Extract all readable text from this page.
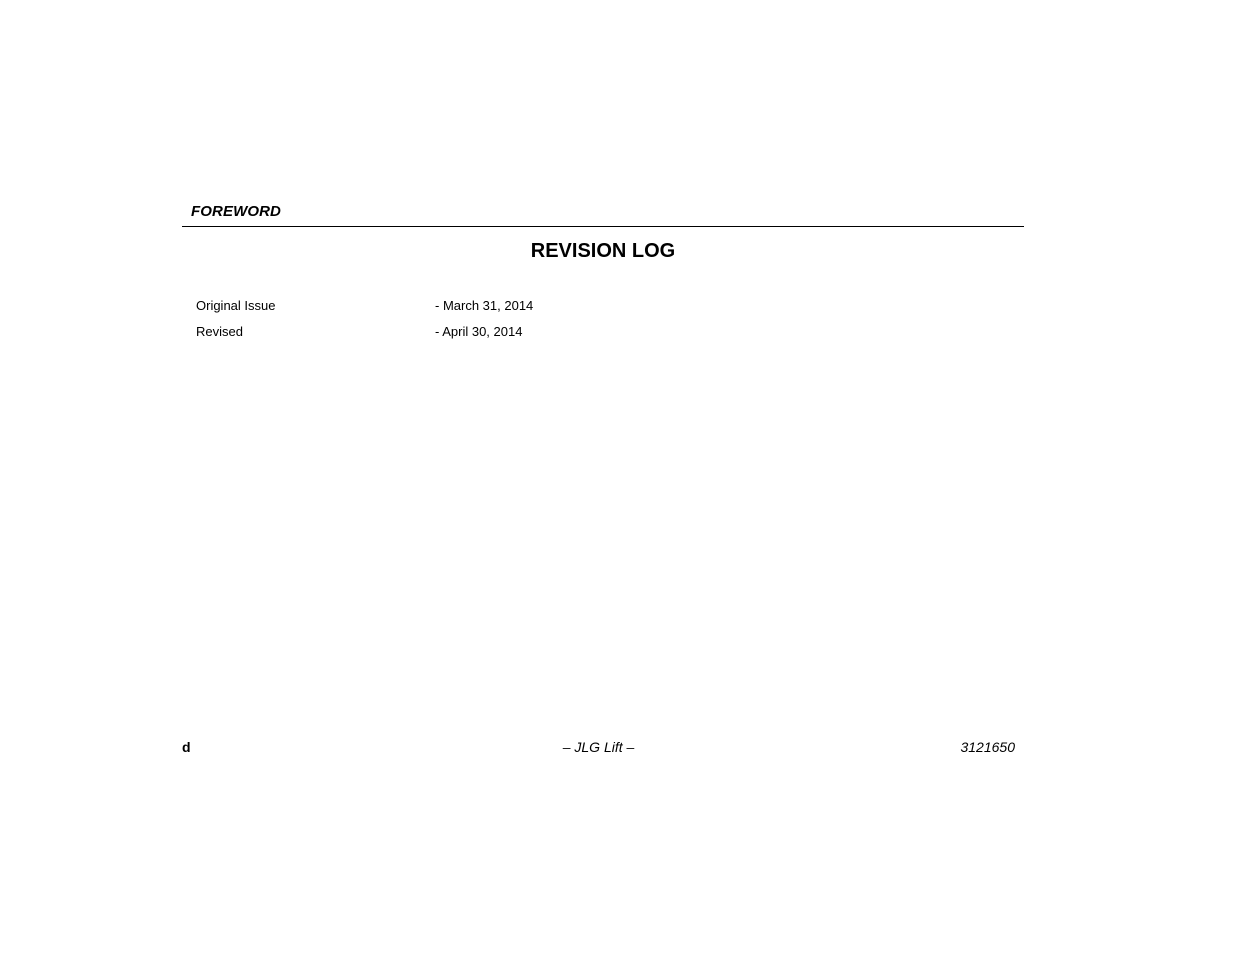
FOREWORD
REVISION LOG
Original Issue	- March 31, 2014
Revised	- April 30, 2014
d	– JLG Lift –	3121650
